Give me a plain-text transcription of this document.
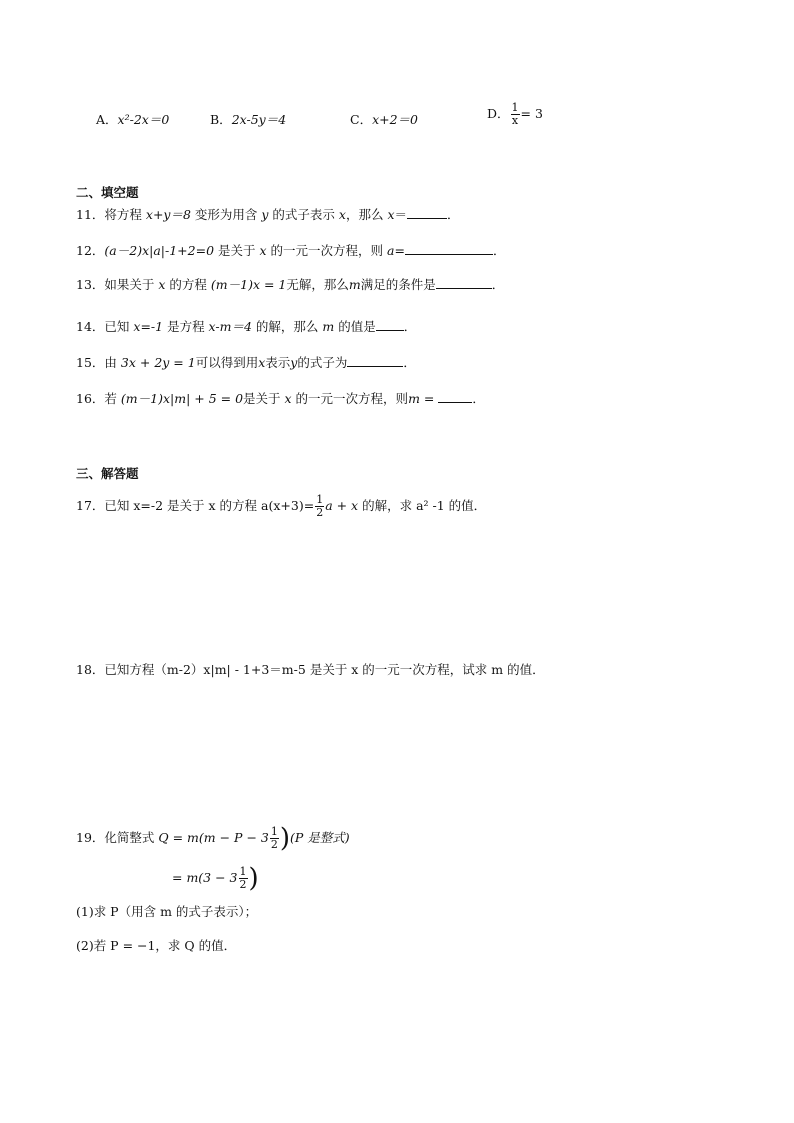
A．x²-2x＝0	B．2x-5y＝4	C．x+2＝0	D． $\frac{1}{x} = 3$
二、填空题
11．将方程 x+y＝8 变形为用含 y 的式子表示 x，那么 x＝	．
12．(a－2)x|a|-1+2=0 是关于 x 的一元一次方程，则 a=	．
13．如果关于 x 的方程 (m－1)x = 1无解，那么m满足的条件是	．
14．已知 x=-1 是方程 x-m＝4 的解，那么 m 的值是 ．
15．由 3x + 2y = 1可以得到用x表示y的式子为	．
16．若 (m－1)x|m| + 5 = 0是关于 x 的一元一次方程，则m =	．
三、解答题
17．已知 x=-2 是关于 x 的方程 $a(x+3)= \frac{1}{2}$ a + x 的解，求 a² -1 的值．
18．已知方程（m-2）x|m| - 1+3＝m-5 是关于 x 的一元一次方程，试求 m 的值．
19．化简整式 $Q = m(m - P - 3 \frac{1}{2} )(P$ 是整式)
= $m(3 - 3 \frac{1}{2}$ )
(1)求 P（用含 m 的式子表示）；
(2)若 P = −1，求 Q 的值．
